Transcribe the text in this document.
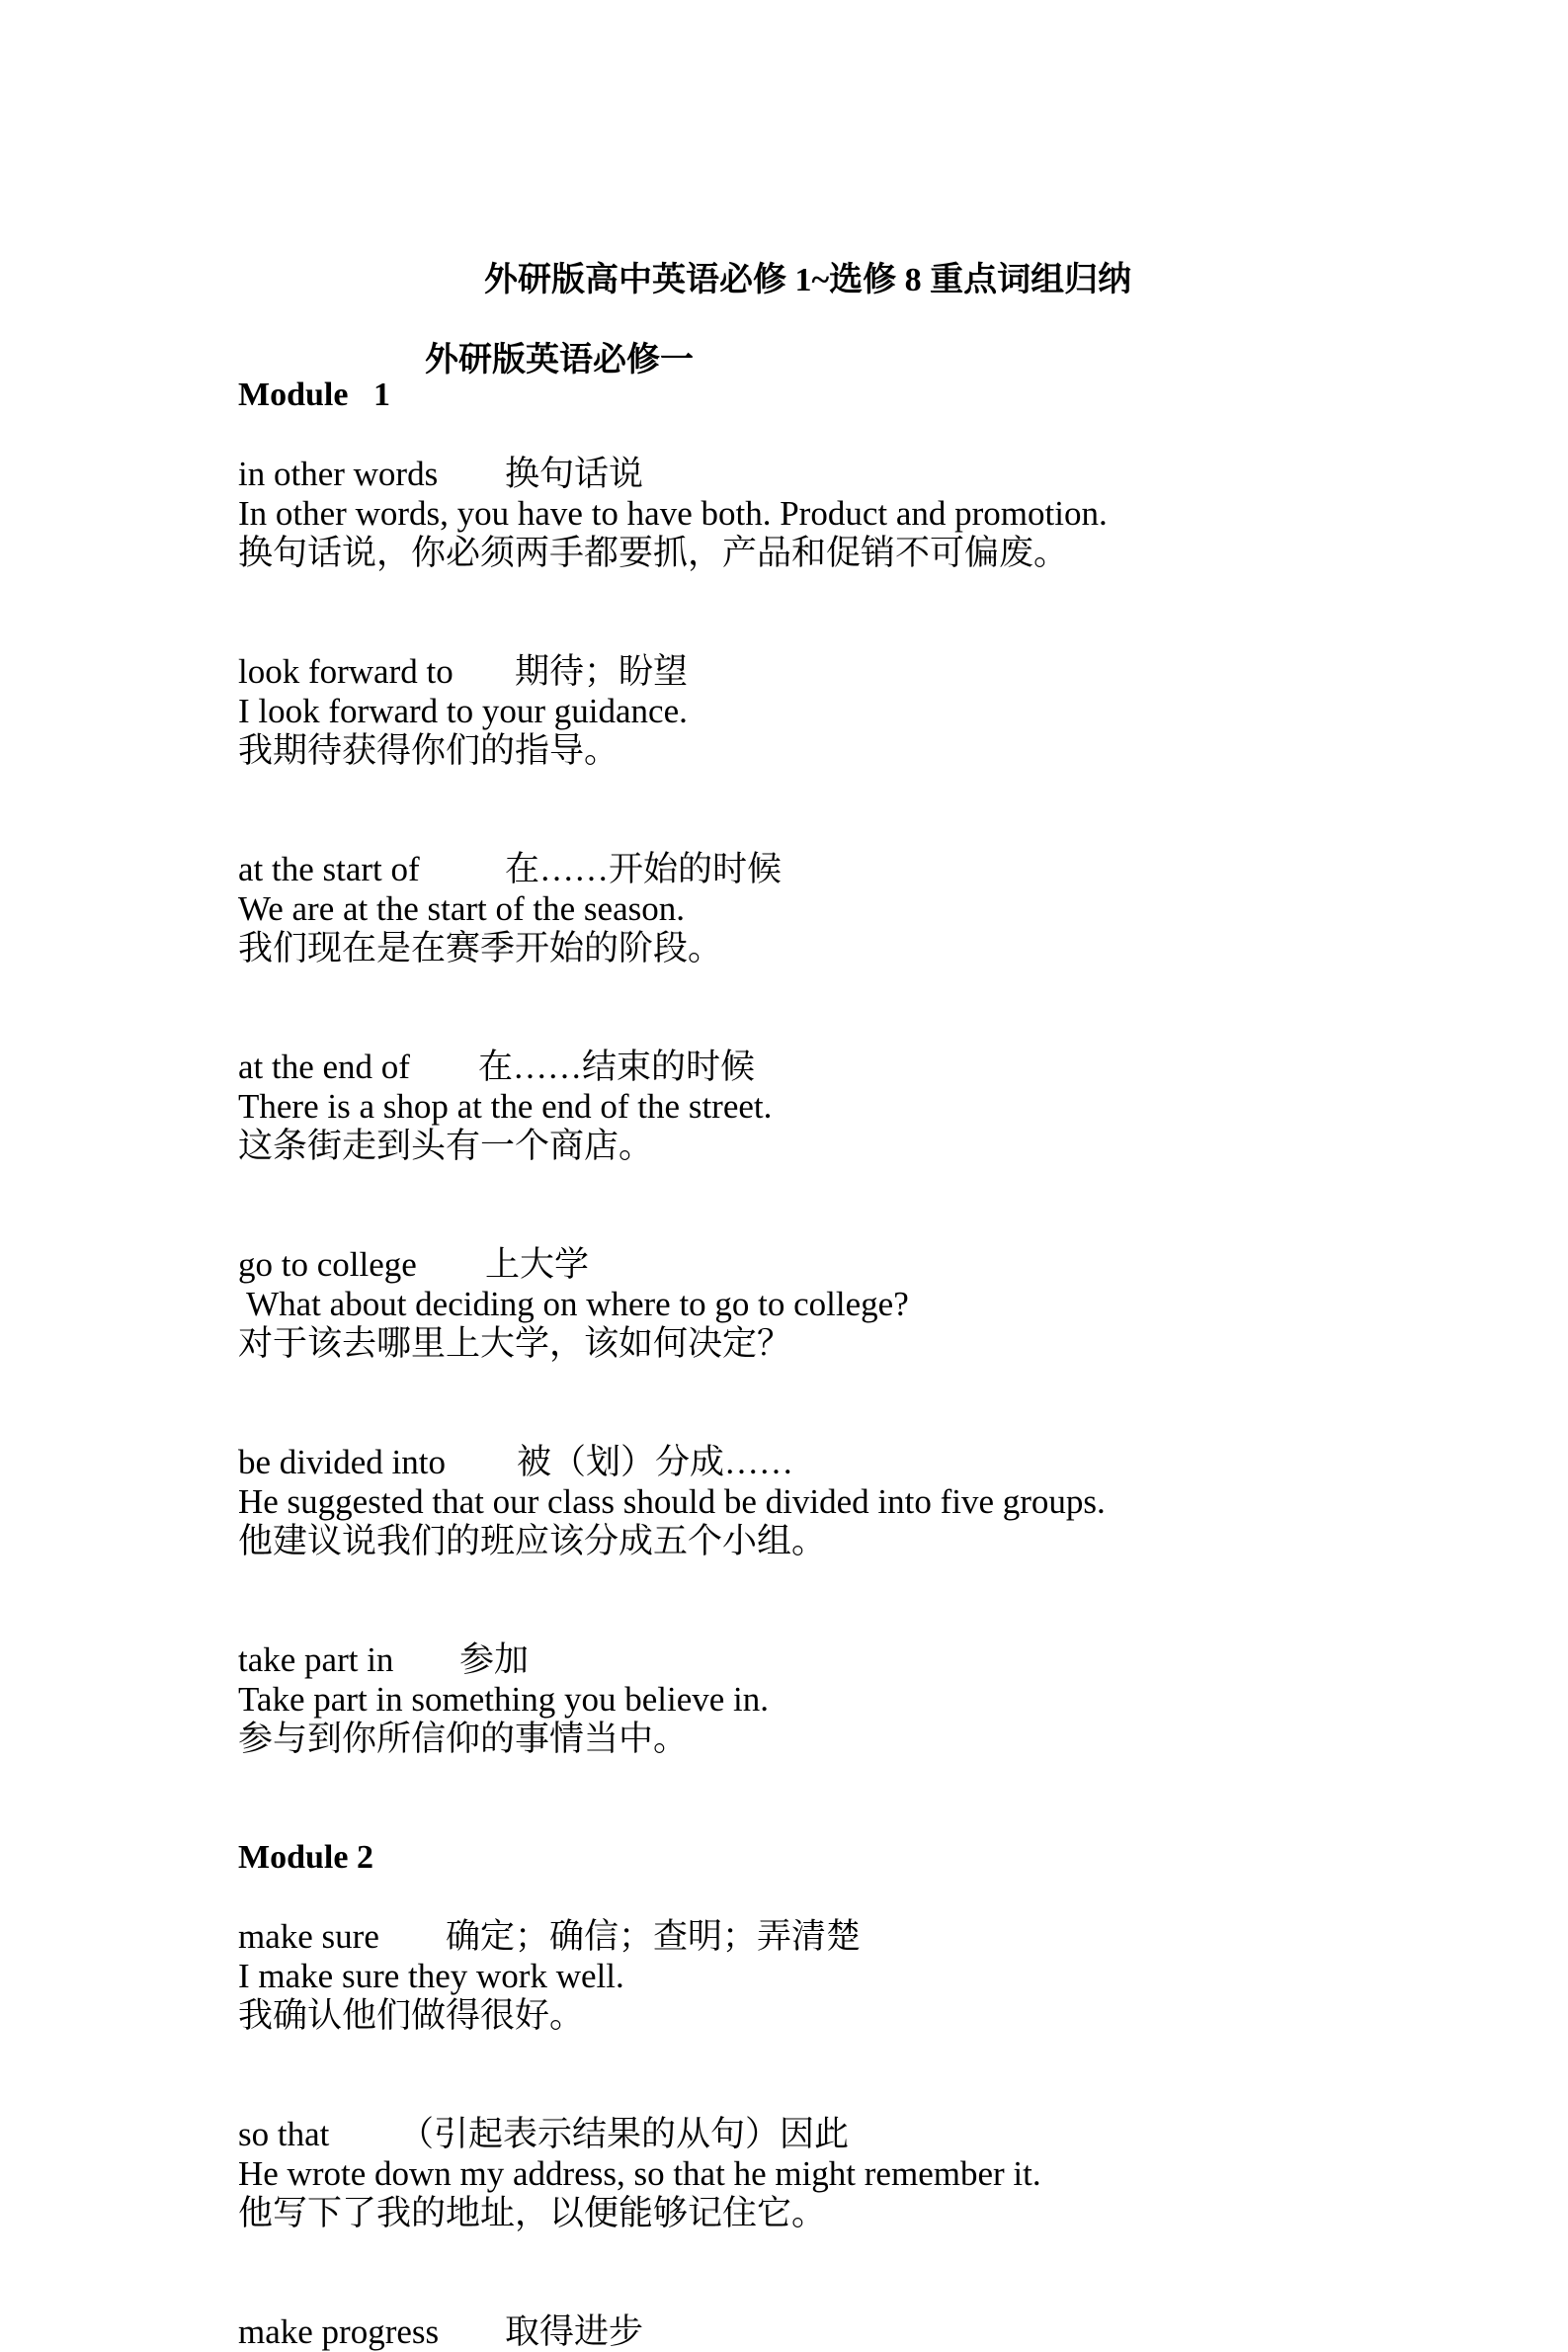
外研版高中英语必修 1~选修 8 重点词组归纳
外研版英语必修一
Module   1
in other words 换句话说
In other words, you have to have both. Product and promotion.
换句话说，你必须两手都要抓，产品和促销不可偏废。
look forward to 期待；盼望
I look forward to your guidance.
我期待获得你们的指导。
at the start of 在……开始的时候
We are at the start of the season.
我们现在是在赛季开始的阶段。
at the end of 在……结束的时候
There is a shop at the end of the street.
这条街走到头有一个商店。
go to college 上大学
What about deciding on where to go to college?
对于该去哪里上大学，该如何决定？
be divided into 被（划）分成……
He suggested that our class should be divided into five groups.
他建议说我们的班应该分成五个小组。
take part in 参加
Take part in something you believe in.
参与到你所信仰的事情当中。
Module 2
make sure 确定；确信；查明；弄清楚
I make sure they work well.
我确认他们做得很好。
so that （引起表示结果的从句）因此
He wrote down my address, so that he might remember it.
他写下了我的地址，以便能够记住它。
make progress 取得进步
